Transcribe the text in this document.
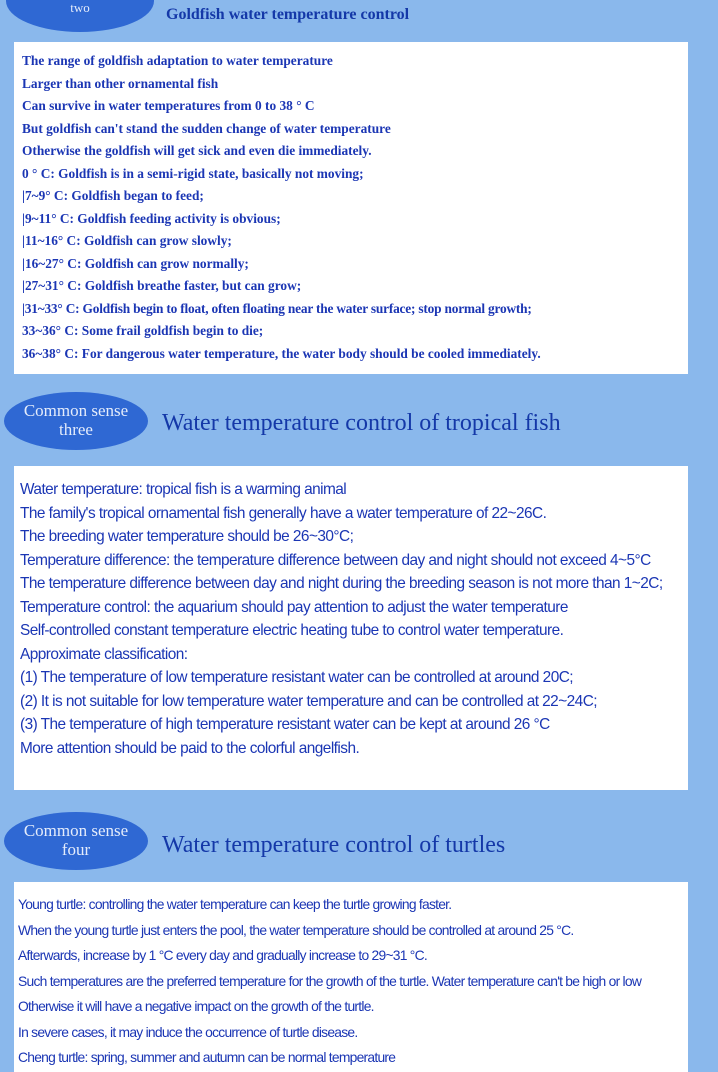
two	Goldfish water temperature control
The range of goldfish adaptation to water temperature
Larger than other ornamental fish
Can survive in water temperatures from 0 to 38 ° C
But goldfish can't stand the sudden change of water temperature
Otherwise the goldfish will get sick and even die immediately.
0 ° C: Goldfish is in a semi-rigid state, basically not moving;
|7~9° C: Goldfish began to feed;
|9~11° C: Goldfish feeding activity is obvious;
|11~16° C: Goldfish can grow slowly;
|16~27° C: Goldfish can grow normally;
|27~31° C: Goldfish breathe faster, but can grow;
|31~33° C: Goldfish begin to float, often floating near the water surface; stop normal growth;
33~36° C: Some frail goldfish begin to die;
36~38° C: For dangerous water temperature, the water body should be cooled immediately.
Common sense
three	Water temperature control of tropical fish
Water temperature: tropical fish is a warming animal
The family's tropical ornamental fish generally have a water temperature of 22~26C.
The breeding water temperature should be 26~30°C;
Temperature difference: the temperature difference between day and night should not exceed 4~5°C
The temperature difference between day and night during the breeding season is not more than 1~2C;
Temperature control: the aquarium should pay attention to adjust the water temperature
Self-controlled constant temperature electric heating tube to control water temperature.
Approximate classification:
(1) The temperature of low temperature resistant water can be controlled at around 20C;
(2) It is not suitable for low temperature water temperature and can be controlled at 22~24C;
(3) The temperature of high temperature resistant water can be kept at around 26 °C
More attention should be paid to the colorful angelfish.
Common sense
four	Water temperature control of turtles
Young turtle: controlling the water temperature can keep the turtle growing faster.
When the young turtle just enters the pool, the water temperature should be controlled at around 25 °C.
Afterwards, increase by 1 °C every day and gradually increase to 29~31 °C.
Such temperatures are the preferred temperature for the growth of the turtle. Water temperature can't be high or low
Otherwise it will have a negative impact on the growth of the turtle.
In severe cases, it may induce the occurrence of turtle disease.
Cheng turtle: spring, summer and autumn can be normal temperature
